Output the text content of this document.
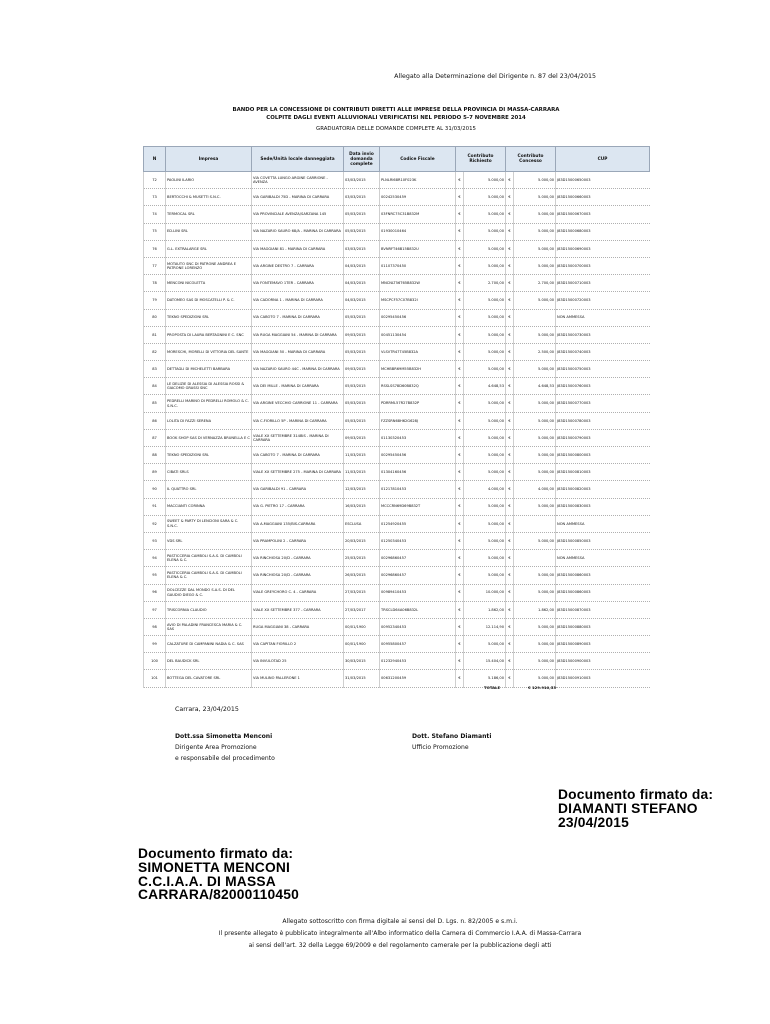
Allegato alla Determinazione del Dirigente n. 87 del 23/04/2015
BANDO PER LA CONCESSIONE DI CONTRIBUTI DIRETTI ALLE IMPRESE DELLA PROVINCIA DI MASSA-CARRARA
COLPITE DAGLI EVENTI ALLUVIONALI VERIFICATISI NEL PERIODO 5-7 NOVEMBRE 2014
GRADUATORIA DELLE DOMANDE COMPLETE AL 31/03/2015
N	Impresa	Sede/Unità locale danneggiata	Data invio domanda complete	Codice Fiscale	Contributo Richiesto		Contributo Concesso		CUP
72	PAOLINI ILARIO	VIA COVETTA LUNGO ARGINE CARRIONE - AVENZA	03/03/2015	PLNLRI68R10F023K	€	5.000,00	€	5.000,00	J83D15000650003
73	BERTOCCHI & MUSETTI S.N.C.	VIA GARIBALDI 75D - MARINA DI CARRARA	03/03/2015	00242530459	€	5.000,00	€	5.000,00	J83D15000660003
74	TERMOCAL SRL	VIA PROVINCIALE AVENZA/SARZANA 145	05/03/2015	03FNRC75C31B832M	€	5.000,00	€	5.000,00	J83D15000670003
75	ED.LINI SRL	VIA NAZARIO SAURO 68/A - MARINA DI CARRARA	05/03/2015	01930010464	€	5.000,00	€	5.000,00	J83D15000680003
76	G.L. EXTRALARGE SRL	VIA MAGGIANI 81 - MARINA DI CARRARA	03/03/2015	BVNRFT46B15B832U	€	5.000,00	€	5.000,00	J83D15000690003
77	MOTAUTO SNC DI PATRONE ANDREA E PATRONE LORENZO	VIA ARGINE DESTRO 7 - CARRARA	04/03/2015	01107370450	€	5.000,00	€	5.000,00	J83D15000700003
78	MENCONI NICOLETTA	VIA FONTEMAVO 1TER - CARRARA	04/03/2015	MNCNLT56T65B832W	€	2.700,00	€	2.700,00	J83D15000710003
79	DATOMEO SAS DI MOSCATELLI P. & C.	VIA CADORNA 1 - MARINA DI CARRARA	04/03/2015	MSCPCF57C07B832I	€	5.000,00	€	5.000,00	J83D15000720003
80	TEKNO SPEDIZIONI SRL	VIA CABOTO 7 - MARINA DI CARRARA	05/03/2015	00295450456	€	5.000,00	€		NON AMMESSA
81	PROPOSTA DI LAURA BERTAGNINI E C. SNC	VIA RUGA MAGGIANI 54 - MARINA DI CARRARA	09/03/2015	00451130454	€	5.000,00	€	5.000,00	J83D15000730003
82	MORESCHI, MORELLI DI VITTORIA DEL SANTE	VIA MAGGIANI 50 - MARINA DI CARRARA	05/03/2015	VLSVTR47T45B832A	€	5.000,00	€	2.500,00	J83D15000740003
83	DETTAGLI DI MICHELETTI BARBARA	VIA NAZARIO SAURO 44C - MARINA DI CARRARA	09/03/2015	MCHBBR69M55B832H	€	5.000,00	€	5.000,00	J83D15000750003
84	LE DELIZIE DI ALESSIA DI ALESSIA ROSSI & GIACOMO GRASSI SNC	VIA DEI MILLE - MARINA DI CARRARA	05/03/2015	RSSLSS78D60B832Q	€	4.648,53	€	4.648,53	J83D15000760003
85	PEDRELLI MARINO DI PEDRELLI ROMOLO & C. S.N.C.	VIA ARGINE VECCHIO CARRIONE 11 - CARRARA	05/03/2015	PDRRML57R27B832P	€	5.000,00	€	5.000,00	J83D15000770003
86	LOLITA DI FAZZI SERENA	VIA C.FIORILLO 5P - MARINA DI CARRARA	05/03/2015	FZZSRN68H62G628J	€	5.000,00	€	5.000,00	J83D15000780003
87	BOOK SHOP SAS DI VERNAZZA BRUNELLA E C	VIALE XX SETTEMBRE 314BIS - MARINA DI CARRARA	09/03/2015	01130320453	€	5.000,00	€	5.000,00	J83D15000790003
88	TEKNO SPEDIZIONI SRL	VIA CABOTO 7 - MARINA DI CARRARA	11/03/2015	00295450456	€	5.000,00	€	5.000,00	J83D15000800003
89	CIBATI SRLS	VIALE XX SETTEMBRE 275 - MARINA DI CARRARA	11/03/2015	01304160456	€	5.000,00	€	5.000,00	J83D15000810003
90	IL QUATTRO SRL	VIA GARIBALDI 91 - CARRARA	12/03/2015	01217810453	€	4.000,00	€	4.000,00	J83D15000820003
91	MACCIANTI CORINNA	VIA G. PIETRO 17 - CARRARA	16/03/2015	MCCCRN69D69B832T	€	5.000,00	€	5.000,00	J83D15000830003
92	SWEET & PARTY DI LENCIONI SARA & C. S.N.C.	VIA A.MAGGIANI 135/BIS-CARRARA	ESCLUSA	01254920455	€	5.000,00	€		NON AMMESSA
93	VDS SRL	VIA PRAMPOLINI 2 - CARRARA	20/03/2015	01250340453	€	5.000,00	€	5.000,00	J83D15000850003
94	PASTICCERIA CAMBOLI S.A.S. DI CAMBOLI ELENA & C.	VIA RINCHIOSA 20/D - CARRARA	25/03/2015	00296860457	€	5.000,00	€		NON AMMESSA
95	PASTICCERIA CAMBOLI S.A.S. DI CAMBOLI ELENA & C.	VIA RINCHIOSA 20/D - CARRARA	26/03/2015	00296860457	€	5.000,00	€	5.000,00	J83D15000860003
96	DOLCEZZE DAL MONDO S.A.S. DI DEL GAUDIO DIEGO & C.	VIALE GREYCHORO C. 4 - CARRARA	27/03/2015	00989410453	€	10.000,00	€	5.000,00	J83D15000860003
97	TRISCORNIA CLAUDIO	VIALE XX SETTEMBRE 377 - CARRARA	27/03/2017	TRSCLD64A06B832L	€	1.862,00	€	1.862,00	J83D15000870003
98	AVIO DI PALADINI FRANCESCA MARIA & C. SAS	RUGA MAGGIANI 38 - CARRARA	00/01/1900	00952340453	€	12.114,90	€	5.000,00	J83D15000880003
99	CALZATURE DI CAMPANINI NADIA & C. SAS	VIA CAPITAN FIORILLO 2	00/01/1900	00955800457	€	5.000,00	€	5.000,00	J83D15000890003
100	DEL BAUDICK SRL	VIA INVULOTAD 25	30/03/2015	01232940453	€	15.404,00	€	5.000,00	J83D15000900003
101	BOTTEGA DEL CAVATORE SRL	VIA MULINO PALLERONE 1	31/03/2015	00631200459	€	5.186,00	€	5.000,00	J83D15000910003
TOTALE	€ 129.910,53
Carrara, 23/04/2015
Dott.ssa Simonetta Menconi
Dirigente Area Promozione
e responsabile del procedimento
Dott. Stefano Diamanti
Ufficio Promozione
Documento firmato da:
DIAMANTI STEFANO
23/04/2015
Documento firmato da:
SIMONETTA MENCONI
C.C.I.A.A. DI MASSA
CARRARA/82000110450
Allegato sottoscritto con firma digitale ai sensi del D. Lgs. n. 82/2005 e s.m.i.
Il presente allegato è pubblicato integralmente all'Albo informatico della Camera di Commercio I.A.A. di Massa-Carrara
ai sensi dell'art. 32 della Legge 69/2009 e del regolamento camerale per la pubblicazione degli atti
